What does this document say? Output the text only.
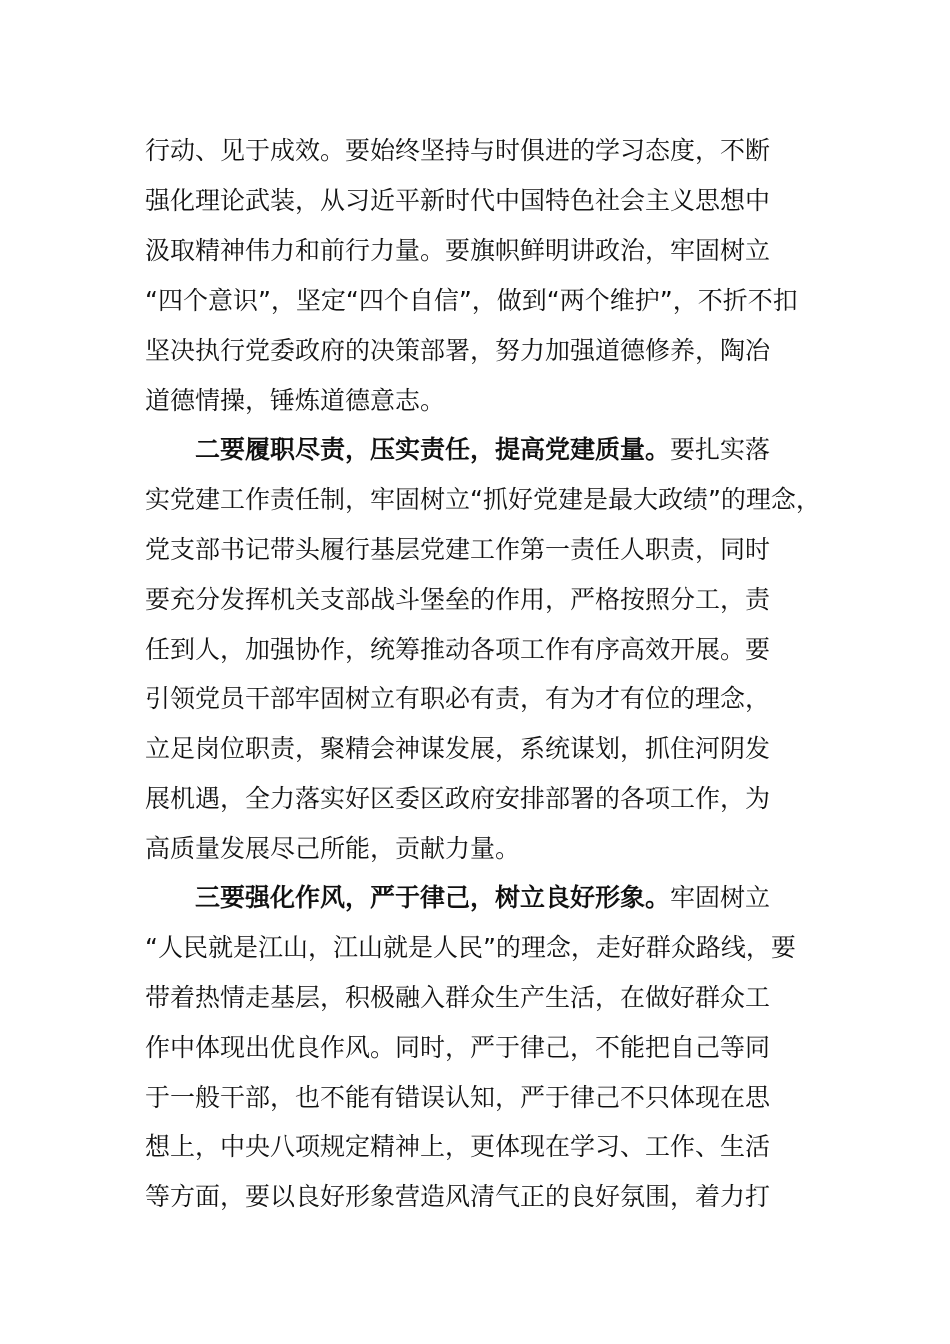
行动、见于成效。要始终坚持与时俱进的学习态度，不断
强化理论武装，从习近平新时代中国特色社会主义思想中
汲取精神伟力和前行力量。要旗帜鲜明讲政治，牢固树立
“四个意识”，坚定“四个自信”，做到“两个维护”，不折不扣
坚决执行党委政府的决策部署，努力加强道德修养，陶冶
道德情操，锤炼道德意志。
二要履职尽责，压实责任，提高党建质量。要扎实落
实党建工作责任制，牢固树立“抓好党建是最大政绩”的理念，
党支部书记带头履行基层党建工作第一责任人职责，同时
要充分发挥机关支部战斗堡垒的作用，严格按照分工，责
任到人，加强协作，统筹推动各项工作有序高效开展。要
引领党员干部牢固树立有职必有责，有为才有位的理念，
立足岗位职责，聚精会神谋发展，系统谋划，抓住河阴发
展机遇，全力落实好区委区政府安排部署的各项工作，为
高质量发展尽己所能，贡献力量。
三要强化作风，严于律己，树立良好形象。牢固树立
“人民就是江山，江山就是人民”的理念，走好群众路线，要
带着热情走基层，积极融入群众生产生活，在做好群众工
作中体现出优良作风。同时，严于律己，不能把自己等同
于一般干部，也不能有错误认知，严于律己不只体现在思
想上，中央八项规定精神上，更体现在学习、工作、生活
等方面，要以良好形象营造风清气正的良好氛围，着力打
